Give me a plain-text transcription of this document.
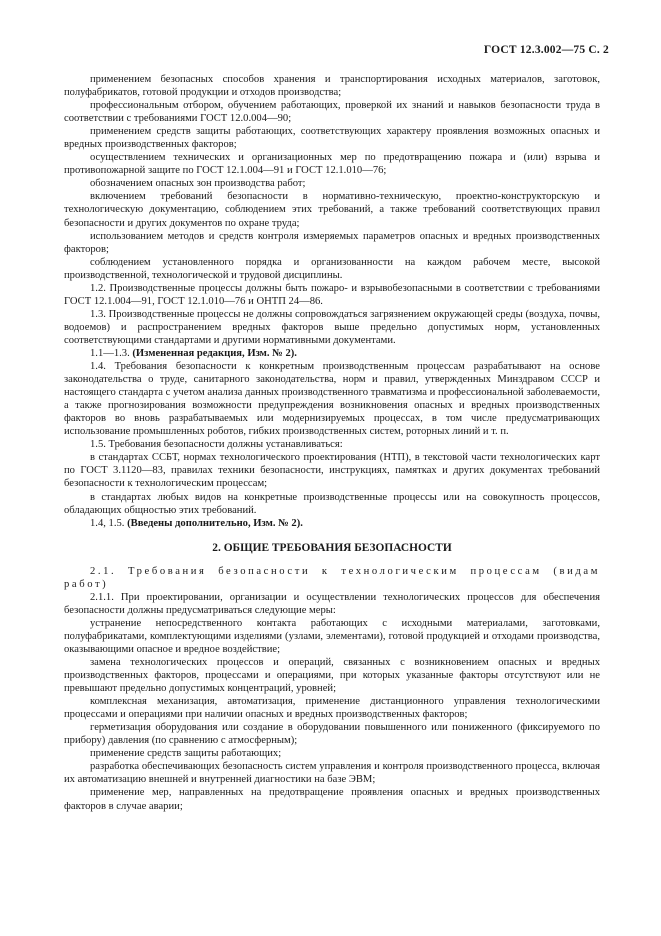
ГОСТ 12.3.002—75 С. 2

применением безопасных способов хранения и транспортирования исходных материалов, заготовок, полуфабрикатов, готовой продукции и отходов производства;

профессиональным отбором, обучением работающих, проверкой их знаний и навыков безопасности труда в соответствии с требованиями ГОСТ 12.0.004—90;

применением средств защиты работающих, соответствующих характеру проявления возможных опасных и вредных производственных факторов;

осуществлением технических и организационных мер по предотвращению пожара и (или) взрыва и противопожарной защите по ГОСТ 12.1.004—91 и ГОСТ 12.1.010—76;

обозначением опасных зон производства работ;

включением требований безопасности в нормативно-техническую, проектно-конструкторскую и технологическую документацию, соблюдением этих требований, а также требований соответствующих правил безопасности и других документов по охране труда;

использованием методов и средств контроля измеряемых параметров опасных и вредных производственных факторов;

соблюдением установленного порядка и организованности на каждом рабочем месте, высокой производственной, технологической и трудовой дисциплины.

1.2. Производственные процессы должны быть пожаро- и взрывобезопасными в соответствии с требованиями ГОСТ 12.1.004—91, ГОСТ 12.1.010—76 и ОНТП 24—86.

1.3. Производственные процессы не должны сопровождаться загрязнением окружающей среды (воздуха, почвы, водоемов) и распространением вредных факторов выше предельно допустимых норм, установленных соответствующими стандартами и другими нормативными документами.

1.1—1.3. (Измененная редакция, Изм. № 2).

1.4. Требования безопасности к конкретным производственным процессам разрабатывают на основе законодательства о труде, санитарного законодательства, норм и правил, утвержденных Минздравом СССР и настоящего стандарта с учетом анализа данных производственного травматизма и профессиональной заболеваемости, а также прогнозирования возможности предупреждения возникновения опасных и вредных производственных факторов во вновь разрабатываемых или модернизируемых процессах, в том числе предусматривающих использование промышленных роботов, гибких производственных систем, роторных линий и т. п.

1.5. Требования безопасности должны устанавливаться:

в стандартах ССБТ, нормах технологического проектирования (НТП), в текстовой части технологических карт по ГОСТ 3.1120—83, правилах техники безопасности, инструкциях, памятках и других документах требований безопасности к технологическим процессам;

в стандартах любых видов на конкретные производственные процессы или на совокупность процессов, обладающих общностью этих требований.

1.4, 1.5. (Введены дополнительно, Изм. № 2).

2. ОБЩИЕ ТРЕБОВАНИЯ БЕЗОПАСНОСТИ

2.1. Требования безопасности к технологическим процессам (видам работ)

2.1.1. При проектировании, организации и осуществлении технологических процессов для обеспечения безопасности должны предусматриваться следующие меры:

устранение непосредственного контакта работающих с исходными материалами, заготовками, полуфабрикатами, комплектующими изделиями (узлами, элементами), готовой продукцией и отходами производства, оказывающими опасное и вредное воздействие;

замена технологических процессов и операций, связанных с возникновением опасных и вредных производственных факторов, процессами и операциями, при которых указанные факторы отсутствуют или не превышают предельно допустимых концентраций, уровней;

комплексная механизация, автоматизация, применение дистанционного управления технологическими процессами и операциями при наличии опасных и вредных производственных факторов;

герметизация оборудования или создание в оборудовании повышенного или пониженного (фиксируемого по прибору) давления (по сравнению с атмосферным);

применение средств защиты работающих;

разработка обеспечивающих безопасность систем управления и контроля производственного процесса, включая их автоматизацию внешней и внутренней диагностики на базе ЭВМ;

применение мер, направленных на предотвращение проявления опасных и вредных производственных факторов в случае аварии;
